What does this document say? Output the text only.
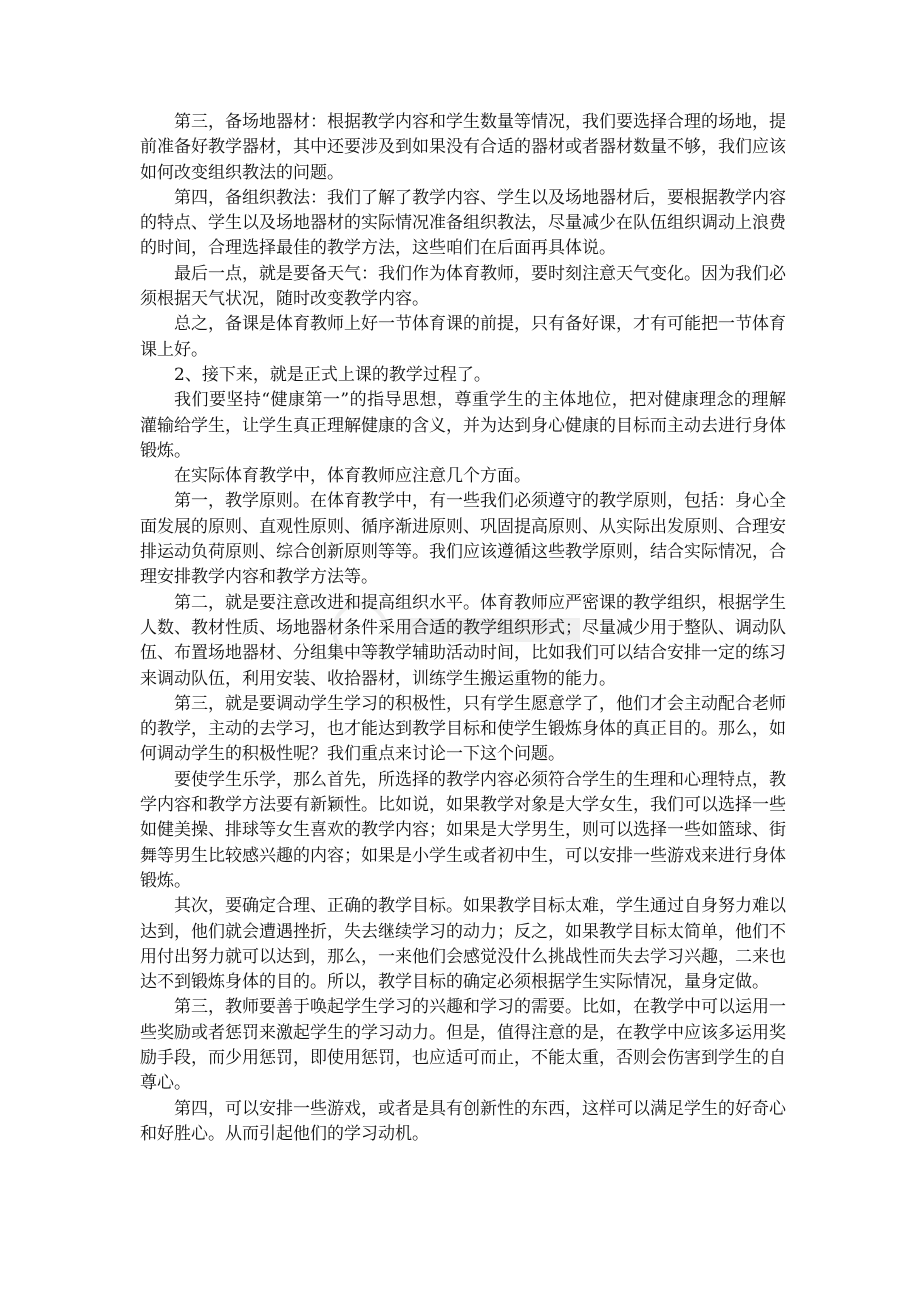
第三，备场地器材：根据教学内容和学生数量等情况，我们要选择合理的场地，提前准备好教学器材，其中还要涉及到如果没有合适的器材或者器材数量不够，我们应该如何改变组织教法的问题。

第四，备组织教法：我们了解了教学内容、学生以及场地器材后，要根据教学内容的特点、学生以及场地器材的实际情况准备组织教法，尽量减少在队伍组织调动上浪费的时间，合理选择最佳的教学方法，这些咱们在后面再具体说。

最后一点，就是要备天气：我们作为体育教师，要时刻注意天气变化。因为我们必须根据天气状况，随时改变教学内容。

总之，备课是体育教师上好一节体育课的前提，只有备好课，才有可能把一节体育课上好。

2、接下来，就是正式上课的教学过程了。

我们要坚持“健康第一”的指导思想，尊重学生的主体地位，把对健康理念的理解灌输给学生，让学生真正理解健康的含义，并为达到身心健康的目标而主动去进行身体锻炼。

在实际体育教学中，体育教师应注意几个方面。

第一，教学原则。在体育教学中，有一些我们必须遵守的教学原则，包括：身心全面发展的原则、直观性原则、循序渐进原则、巩固提高原则、从实际出发原则、合理安排运动负荷原则、综合创新原则等等。我们应该遵循这些教学原则，结合实际情况，合理安排教学内容和教学方法等。

第二，就是要注意改进和提高组织水平。体育教师应严密课的教学组织，根据学生人数、教材性质、场地器材条件采用合适的教学组织形式；尽量减少用于整队、调动队伍、布置场地器材、分组集中等教学辅助活动时间，比如我们可以结合安排一定的练习来调动队伍，利用安装、收拾器材，训练学生搬运重物的能力。

第三，就是要调动学生学习的积极性，只有学生愿意学了，他们才会主动配合老师的教学，主动的去学习，也才能达到教学目标和使学生锻炼身体的真正目的。那么，如何调动学生的积极性呢？我们重点来讨论一下这个问题。

要使学生乐学，那么首先，所选择的教学内容必须符合学生的生理和心理特点，教学内容和教学方法要有新颖性。比如说，如果教学对象是大学女生，我们可以选择一些如健美操、排球等女生喜欢的教学内容；如果是大学男生，则可以选择一些如篮球、街舞等男生比较感兴趣的内容；如果是小学生或者初中生，可以安排一些游戏来进行身体锻炼。

其次，要确定合理、正确的教学目标。如果教学目标太难，学生通过自身努力难以达到，他们就会遭遇挫折，失去继续学习的动力；反之，如果教学目标太简单，他们不用付出努力就可以达到，那么，一来他们会感觉没什么挑战性而失去学习兴趣，二来也达不到锻炼身体的目的。所以，教学目标的确定必须根据学生实际情况，量身定做。

第三，教师要善于唤起学生学习的兴趣和学习的需要。比如，在教学中可以运用一些奖励或者惩罚来激起学生的学习动力。但是，值得注意的是，在教学中应该多运用奖励手段，而少用惩罚，即使用惩罚，也应适可而止，不能太重，否则会伤害到学生的自尊心。

第四，可以安排一些游戏，或者是具有创新性的东西，这样可以满足学生的好奇心和好胜心。从而引起他们的学习动机。
